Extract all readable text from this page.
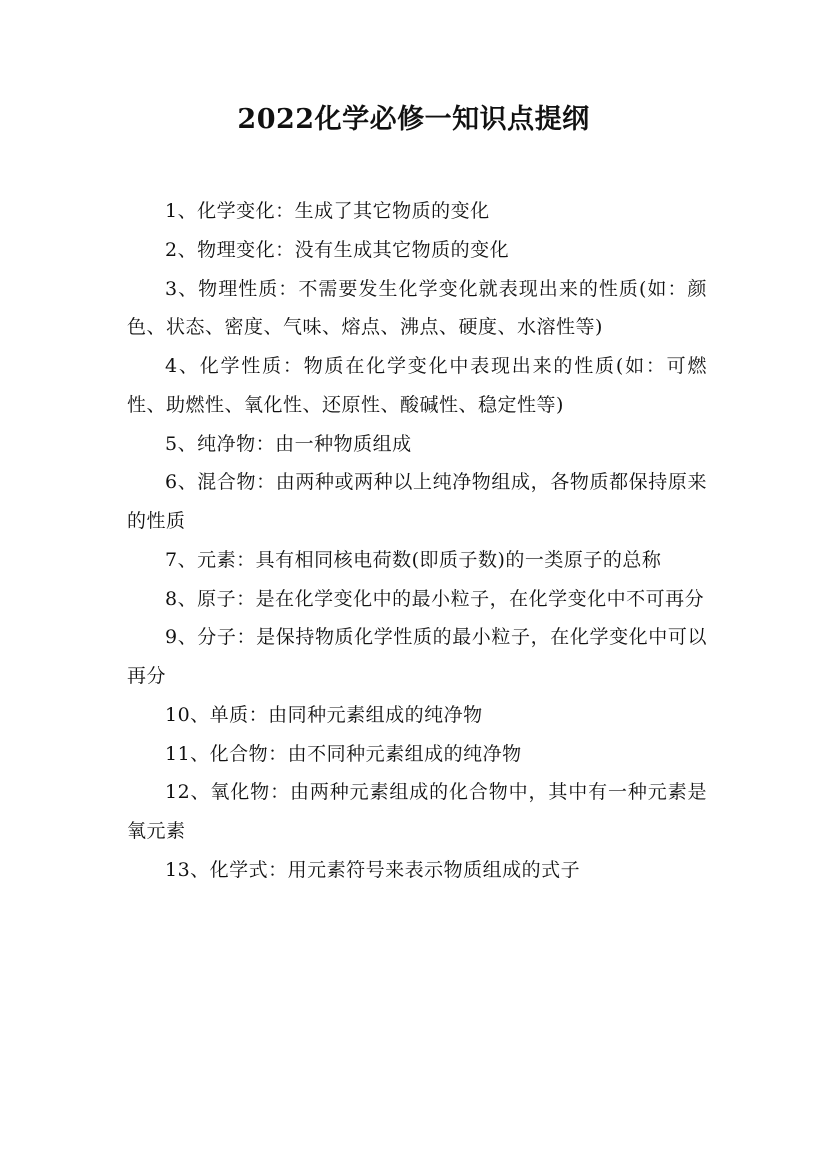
2022化学必修一知识点提纲

1、化学变化：生成了其它物质的变化

2、物理变化：没有生成其它物质的变化

3、物理性质：不需要发生化学变化就表现出来的性质(如：颜色、状态、密度、气味、熔点、沸点、硬度、水溶性等)

4、化学性质：物质在化学变化中表现出来的性质(如：可燃性、助燃性、氧化性、还原性、酸碱性、稳定性等)

5、纯净物：由一种物质组成

6、混合物：由两种或两种以上纯净物组成，各物质都保持原来的性质

7、元素：具有相同核电荷数(即质子数)的一类原子的总称

8、原子：是在化学变化中的最小粒子，在化学变化中不可再分

9、分子：是保持物质化学性质的最小粒子，在化学变化中可以再分

10、单质：由同种元素组成的纯净物

11、化合物：由不同种元素组成的纯净物

12、氧化物：由两种元素组成的化合物中，其中有一种元素是氧元素

13、化学式：用元素符号来表示物质组成的式子
